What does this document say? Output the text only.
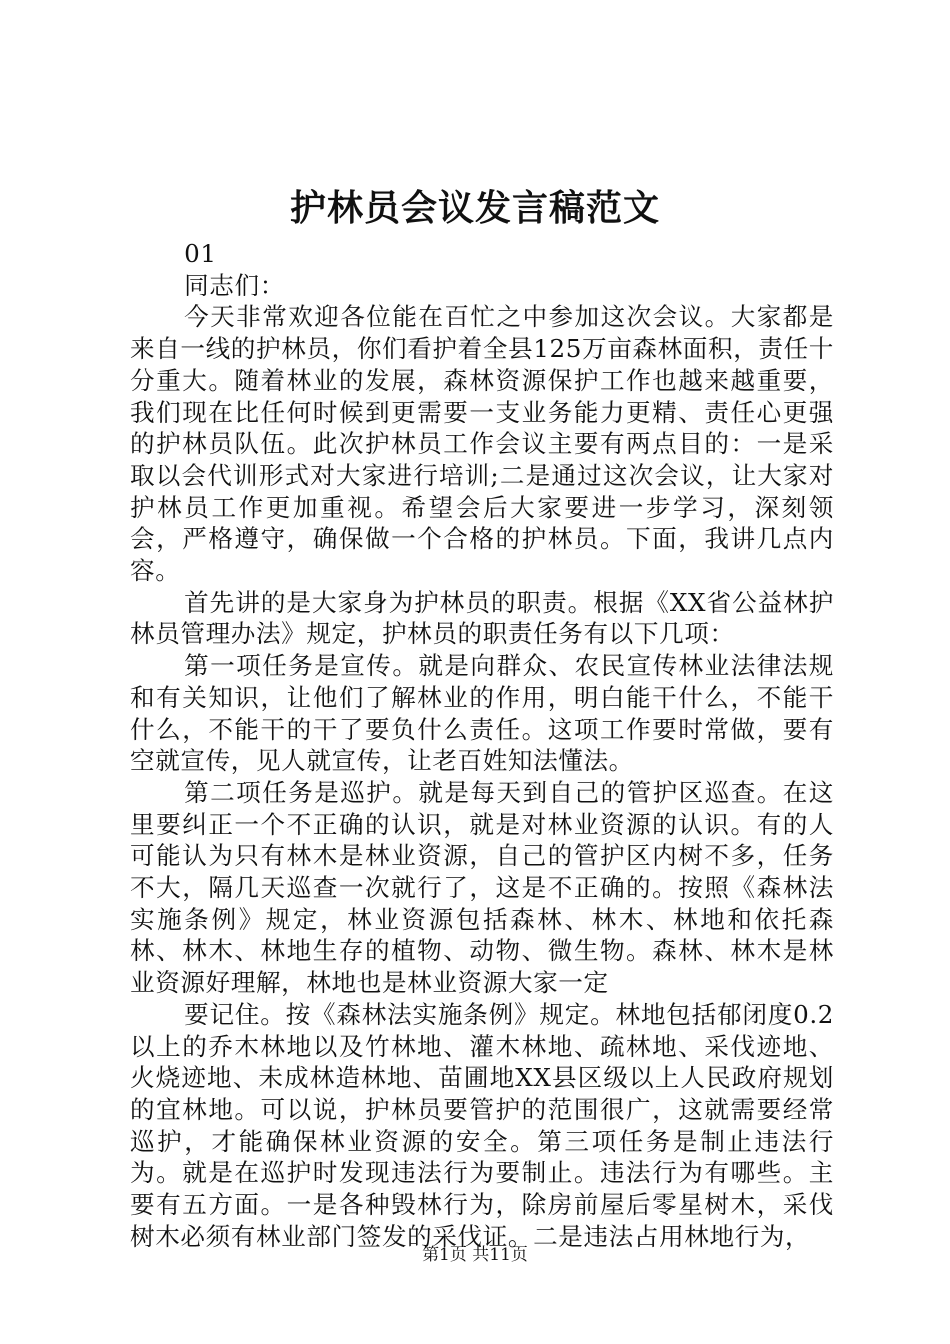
护林员会议发言稿范文

01

同志们：

今天非常欢迎各位能在百忙之中参加这次会议。大家都是来自一线的护林员，你们看护着全县125万亩森林面积，责任十分重大。随着林业的发展，森林资源保护工作也越来越重要，我们现在比任何时候到更需要一支业务能力更精、责任心更强的护林员队伍。此次护林员工作会议主要有两点目的：一是采取以会代训形式对大家进行培训;二是通过这次会议，让大家对护林员工作更加重视。希望会后大家要进一步学习，深刻领会，严格遵守，确保做一个合格的护林员。下面，我讲几点内容。

首先讲的是大家身为护林员的职责。根据《XX省公益林护林员管理办法》规定，护林员的职责任务有以下几项：

第一项任务是宣传。就是向群众、农民宣传林业法律法规和有关知识，让他们了解林业的作用，明白能干什么，不能干什么，不能干的干了要负什么责任。这项工作要时常做，要有空就宣传，见人就宣传，让老百姓知法懂法。

第二项任务是巡护。就是每天到自己的管护区巡查。在这里要纠正一个不正确的认识，就是对林业资源的认识。有的人可能认为只有林木是林业资源，自己的管护区内树不多，任务不大，隔几天巡查一次就行了，这是不正确的。按照《森林法实施条例》规定，林业资源包括森林、林木、林地和依托森林、林木、林地生存的植物、动物、微生物。森林、林木是林业资源好理解，林地也是林业资源大家一定

要记住。按《森林法实施条例》规定。林地包括郁闭度0.2以上的乔木林地以及竹林地、灌木林地、疏林地、采伐迹地、火烧迹地、未成林造林地、苗圃地XX县区级以上人民政府规划的宜林地。可以说，护林员要管护的范围很广，这就需要经常巡护，才能确保林业资源的安全。第三项任务是制止违法行为。就是在巡护时发现违法行为要制止。违法行为有哪些。主要有五方面。一是各种毁林行为，除房前屋后零星树木，采伐树木必须有林业部门签发的采伐证。二是违法占用林地行为，

第1页 共11页
